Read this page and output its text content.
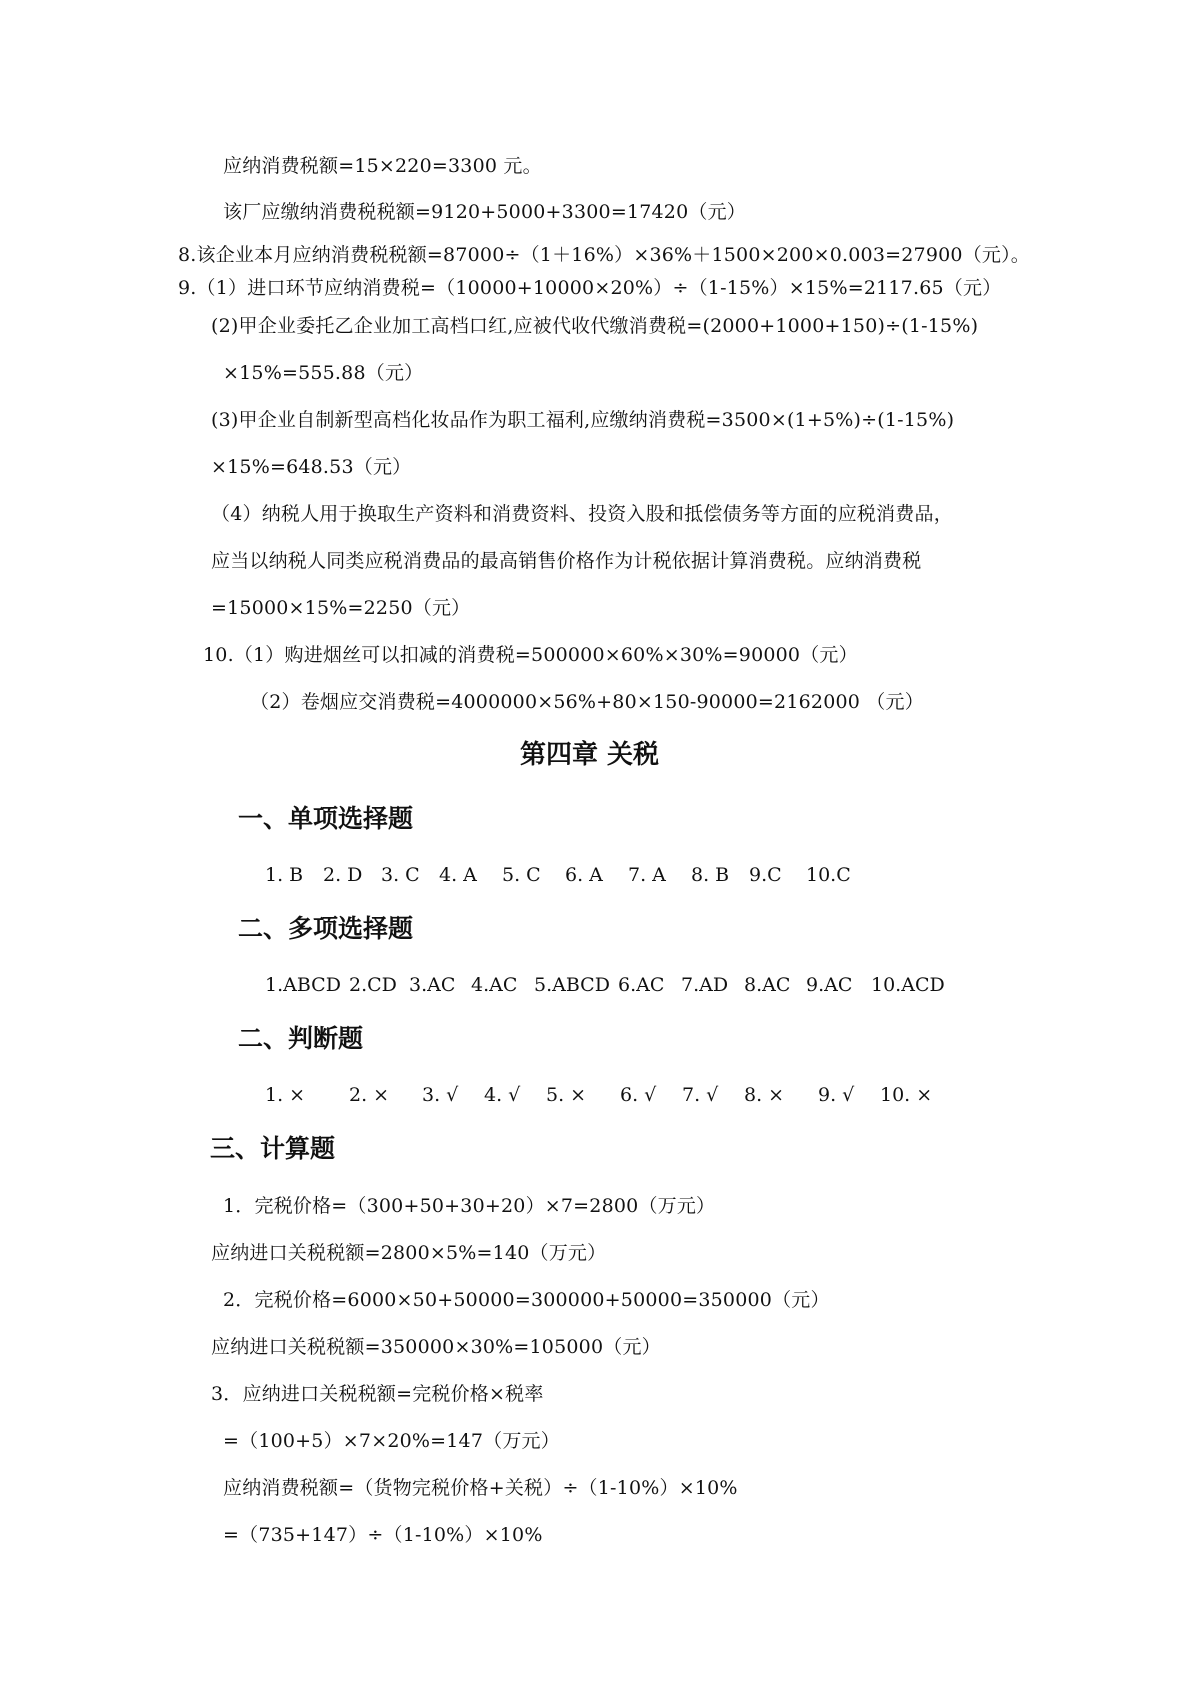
应纳消费税额=15×220=3300 元。
该厂应缴纳消费税税额=9120+5000+3300=17420（元）
8.该企业本月应纳消费税税额=87000÷（1＋16%）×36%＋1500×200×0.003=27900（元）。
9.（1）进口环节应纳消费税=（10000+10000×20%）÷（1-15%）×15%=2117.65（元）
(2)甲企业委托乙企业加工高档口红,应被代收代缴消费税=(2000+1000+150)÷(1-15%)
×15%=555.88（元）
(3)甲企业自制新型高档化妆品作为职工福利,应缴纳消费税=3500×(1+5%)÷(1-15%)
×15%=648.53（元）
（4）纳税人用于换取生产资料和消费资料、投资入股和抵偿债务等方面的应税消费品，
应当以纳税人同类应税消费品的最高销售价格作为计税依据计算消费税。应纳消费税
=15000×15%=2250（元）
10.（1）购进烟丝可以扣减的消费税=500000×60%×30%=90000（元）
（2）卷烟应交消费税=4000000×56%+80×150-90000=2162000 （元）
第四章 关税
一、单项选择题
1. B 2. D 3. C 4. A 5. C 6. A 7. A 8. B 9.C 10.C
二、多项选择题
1.ABCD 2.CD 3.AC 4.AC 5.ABCD 6.AC 7.AD 8.AC 9.AC 10.ACD
二、判断题
1. × 2. × 3. √ 4. √ 5. × 6. √ 7. √ 8. × 9. √ 10. ×
三、计算题
1．完税价格=（300+50+30+20）×7=2800（万元）
应纳进口关税税额=2800×5%=140（万元）
2．完税价格=6000×50+50000=300000+50000=350000（元）
应纳进口关税税额=350000×30%=105000（元）
3．应纳进口关税税额=完税价格×税率
=（100+5）×7×20%=147（万元）
应纳消费税额=（货物完税价格+关税）÷（1-10%）×10%
=（735+147）÷（1-10%）×10%
